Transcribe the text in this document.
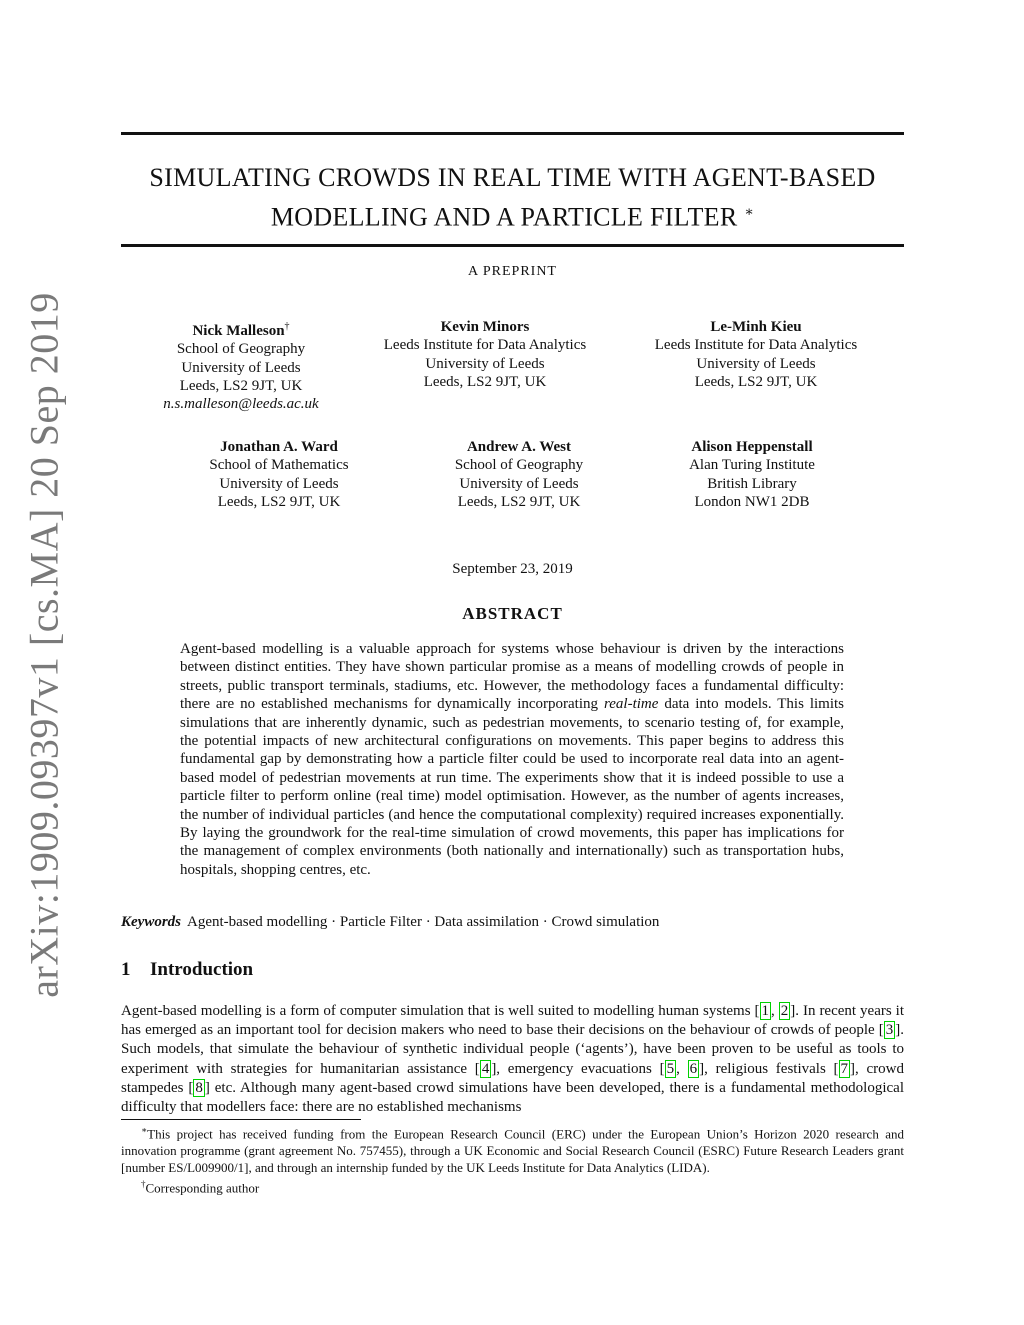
arXiv:1909.09397v1 [cs.MA] 20 Sep 2019
SIMULATING CROWDS IN REAL TIME WITH AGENT-BASED
MODELLING AND A PARTICLE FILTER ∗
A PREPRINT
Nick Malleson†
School of Geography
University of Leeds
Leeds, LS2 9JT, UK
n.s.malleson@leeds.ac.uk
Kevin Minors
Leeds Institute for Data Analytics
University of Leeds
Leeds, LS2 9JT, UK
Le-Minh Kieu
Leeds Institute for Data Analytics
University of Leeds
Leeds, LS2 9JT, UK
Jonathan A. Ward
School of Mathematics
University of Leeds
Leeds, LS2 9JT, UK
Andrew A. West
School of Geography
University of Leeds
Leeds, LS2 9JT, UK
Alison Heppenstall
Alan Turing Institute
British Library
London NW1 2DB
September 23, 2019
ABSTRACT
Agent-based modelling is a valuable approach for systems whose behaviour is driven by the interactions between distinct entities. They have shown particular promise as a means of modelling crowds of people in streets, public transport terminals, stadiums, etc. However, the methodology faces a fundamental difficulty: there are no established mechanisms for dynamically incorporating real-time data into models. This limits simulations that are inherently dynamic, such as pedestrian movements, to scenario testing of, for example, the potential impacts of new architectural configurations on movements. This paper begins to address this fundamental gap by demonstrating how a particle filter could be used to incorporate real data into an agent-based model of pedestrian movements at run time. The experiments show that it is indeed possible to use a particle filter to perform online (real time) model optimisation. However, as the number of agents increases, the number of individual particles (and hence the computational complexity) required increases exponentially. By laying the groundwork for the real-time simulation of crowd movements, this paper has implications for the management of complex environments (both nationally and internationally) such as transportation hubs, hospitals, shopping centres, etc.
Keywords Agent-based modelling · Particle Filter · Data assimilation · Crowd simulation
1 Introduction
Agent-based modelling is a form of computer simulation that is well suited to modelling human systems [ 1 , 2 ]. In recent years it has emerged as an important tool for decision makers who need to base their decisions on the behaviour of crowds of people [ 3 ]. Such models, that simulate the behaviour of synthetic individual people (‘agents’), have been proven to be useful as tools to experiment with strategies for humanitarian assistance [ 4 ], emergency evacuations [ 5 , 6 ], religious festivals [ 7 ], crowd stampedes [ 8 ] etc. Although many agent-based crowd simulations have been developed, there is a fundamental methodological difficulty that modellers face: there are no established mechanisms

∗This project has received funding from the European Research Council (ERC) under the European Union’s Horizon 2020 research and innovation programme (grant agreement No. 757455), through a UK Economic and Social Research Council (ESRC) Future Research Leaders grant [number ES/L009900/1], and through an internship funded by the UK Leeds Institute for Data Analytics (LIDA).

†Corresponding author
